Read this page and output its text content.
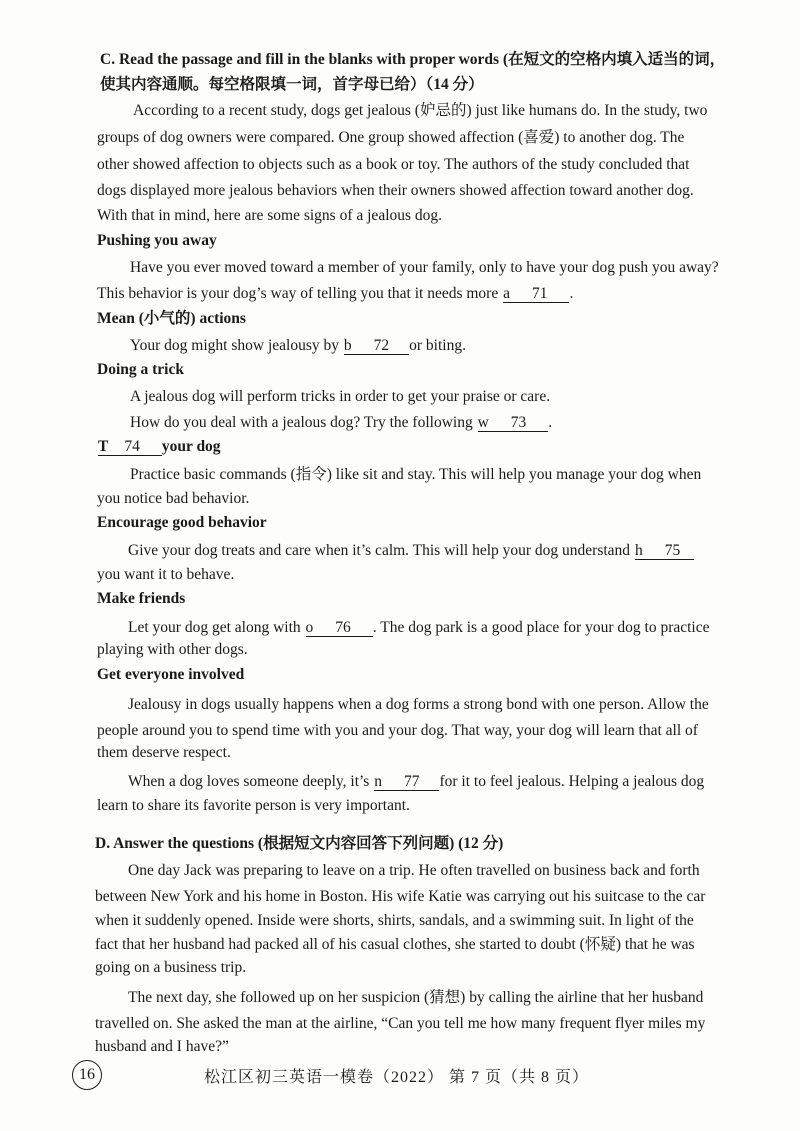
C. Read the passage and fill in the blanks with proper words (在短文的空格内填入适当的词，
使其内容通顺。每空格限填一词，首字母已给）（14 分）
According to a recent study, dogs get jealous (妒忌的) just like humans do. In the study, two
groups of dog owners were compared. One group showed affection (喜爱) to another dog. The
other showed affection to objects such as a book or toy. The authors of the study concluded that
dogs displayed more jealous behaviors when their owners showed affection toward another dog.
With that in mind, here are some signs of a jealous dog.
Pushing you away
Have you ever moved toward a member of your family, only to have your dog push you away?
This behavior is your dog’s way of telling you that it needs more a 71 .
Mean (小气的) actions
Your dog might show jealousy by b 72 or biting.
Doing a trick
A jealous dog will perform tricks in order to get your praise or care.
How do you deal with a jealous dog? Try the following w 73 .
T 74 your dog
Practice basic commands (指令) like sit and stay. This will help you manage your dog when
you notice bad behavior.
Encourage good behavior
Give your dog treats and care when it’s calm. This will help your dog understand h 75
you want it to behave.
Make friends
Let your dog get along with o 76 . The dog park is a good place for your dog to practice
playing with other dogs.
Get everyone involved
Jealousy in dogs usually happens when a dog forms a strong bond with one person. Allow the
people around you to spend time with you and your dog. That way, your dog will learn that all of
them deserve respect.
When a dog loves someone deeply, it’s n 77 for it to feel jealous. Helping a jealous dog
learn to share its favorite person is very important.
D. Answer the questions (根据短文内容回答下列问题) (12 分)
One day Jack was preparing to leave on a trip. He often travelled on business back and forth
between New York and his home in Boston. His wife Katie was carrying out his suitcase to the car
when it suddenly opened. Inside were shorts, shirts, sandals, and a swimming suit. In light of the
fact that her husband had packed all of his casual clothes, she started to doubt (怀疑) that he was
going on a business trip.
The next day, she followed up on her suspicion (猜想) by calling the airline that her husband
travelled on. She asked the man at the airline, “Can you tell me how many frequent flyer miles my
husband and I have?”
16	松江区初三英语一模卷（2022） 第 7 页（共 8 页）
